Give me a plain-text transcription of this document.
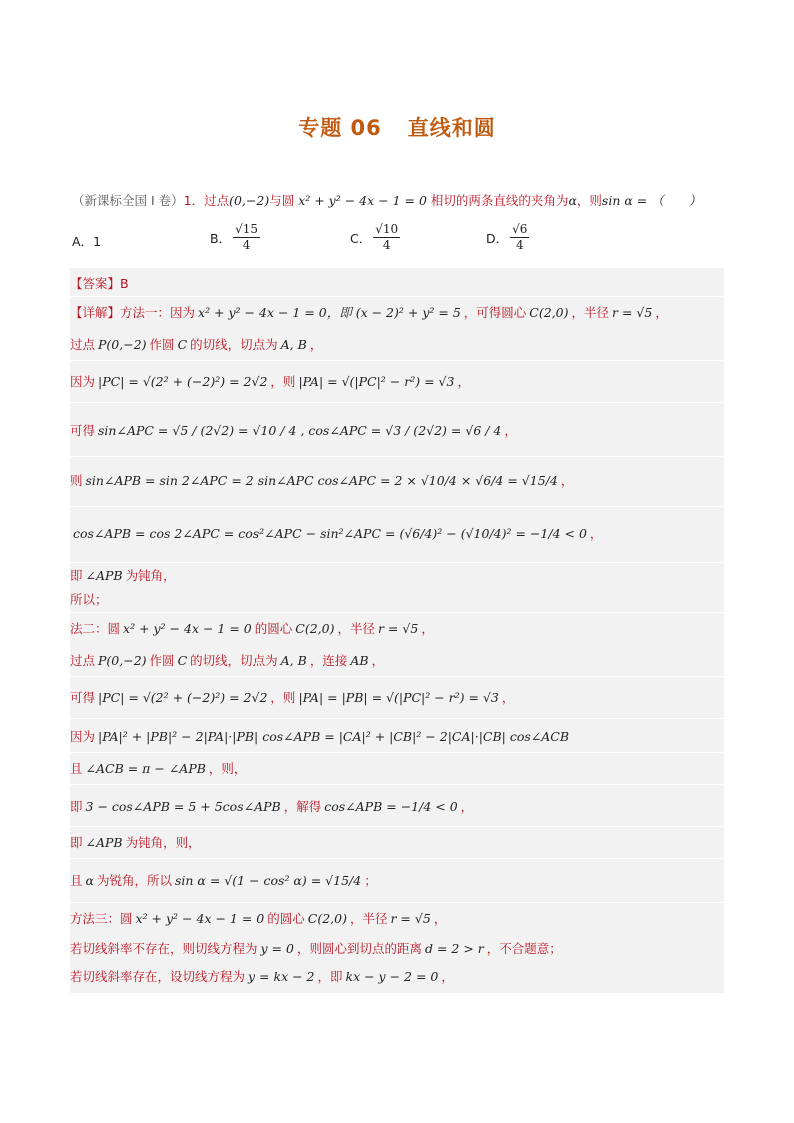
专题 06 直线和圆
（新课标全国 I 卷）1．过点(0,−2)与圆 x² + y² − 4x − 1 = 0 相切的两条直线的夹角为α，则sin α = （　　）
A． 1	B． $\frac{√15}{4}$	C． $\frac{√10}{4}$	D． $\frac{√6}{4}$
【答案】B
【详解】方法一：因为 x² + y² − 4x − 1 = 0，即 (x − 2)² + y² = 5 ，可得圆心 C(2,0) ，半径 r = √5 ，
过点 P(0,−2) 作圆 C 的切线，切点为 A, B ，
因为 |PC| = √(2² + (−2)²) = 2√2 ，则 |PA| = √(|PC|² − r²) = √3 ，
可得 sin∠APC = √5 / (2√2) = √10 / 4 , cos∠APC = √3 / (2√2) = √6 / 4 ，
则 sin∠APB = sin 2∠APC = 2 sin∠APC cos∠APC = 2 × √10/4 × √6/4 = √15/4 ，
cos∠APB = cos 2∠APC = cos²∠APC − sin²∠APC = (√6/4)² − (√10/4)² = −1/4 < 0 ，
即 ∠APB 为钝角，
所以；
法二：圆 x² + y² − 4x − 1 = 0 的圆心 C(2,0) ，半径 r = √5 ，
过点 P(0,−2) 作圆 C 的切线，切点为 A, B ，连接 AB ，
可得 |PC| = √(2² + (−2)²) = 2√2 ，则 |PA| = |PB| = √(|PC|² − r²) = √3 ，
因为 |PA|² + |PB|² − 2|PA|·|PB| cos∠APB = |CA|² + |CB|² − 2|CA|·|CB| cos∠ACB
且 ∠ACB = π − ∠APB ，则，
即 3 − cos∠APB = 5 + 5cos∠APB ，解得 cos∠APB = −1/4 < 0 ，
即 ∠APB 为钝角，则，
且 α 为锐角，所以 sin α = √(1 − cos² α) = √15/4 ；
方法三：圆 x² + y² − 4x − 1 = 0 的圆心 C(2,0) ，半径 r = √5 ，
若切线斜率不存在，则切线方程为 y = 0 ，则圆心到切点的距离 d = 2 > r ，不合题意；
若切线斜率存在，设切线方程为 y = kx − 2 ，即 kx − y − 2 = 0 ，
